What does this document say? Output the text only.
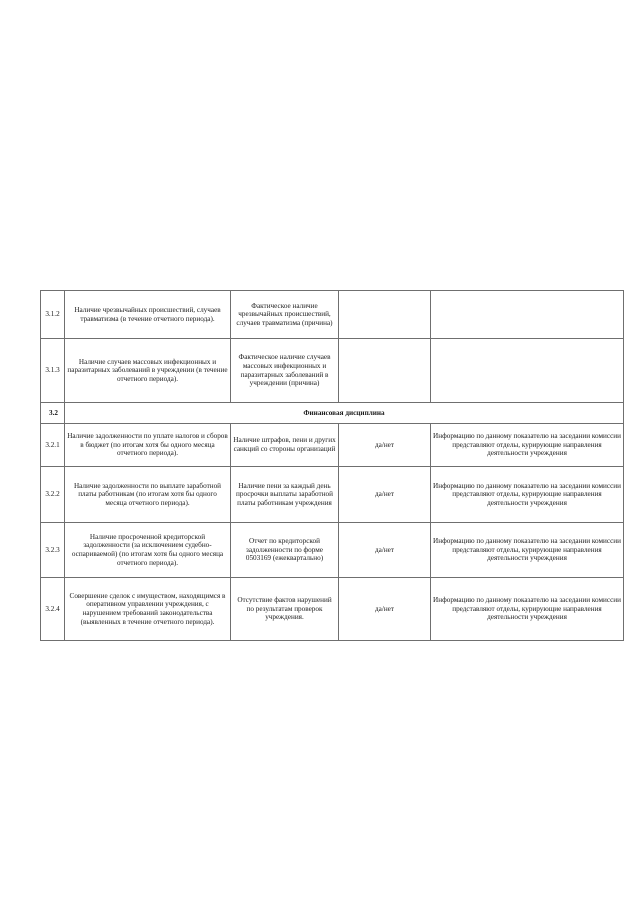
3.1.2	Наличие чрезвычайных происшествий, случаев травматизма (в течение отчетного периода).	Фактическое наличие чрезвычайных происшествий, случаев травматизма (причина)		
3.1.3	Наличие случаев массовых инфекционных и паразитарных заболеваний в учреждении (в течение отчетного периода).	Фактическое наличие случаев массовых инфекционных и паразитарных заболеваний в учреждении (причина)		
3.2	Финансовая дисциплина			
3.2.1	Наличие задолженности по уплате налогов и сборов в бюджет (по итогам хотя бы одного месяца отчетного периода).	Наличие штрафов, пени и других санкций со стороны организаций	да/нет	Информацию по данному показателю на заседании комиссии представляют отделы, курирующие направления деятельности учреждения
3.2.2	Наличие задолженности по выплате заработной платы работникам (по итогам хотя бы одного месяца отчетного периода).	Наличие пени за каждый день просрочки выплаты заработной платы работникам учреждения	да/нет	Информацию по данному показателю на заседании комиссии представляют отделы, курирующие направления деятельности учреждения
3.2.3	Наличие просроченной кредиторской задолженности (за исключением судебно-оспариваемой) (по итогам хотя бы одного месяца отчетного периода).	Отчет по кредиторской задолженности по форме 0503169 (ежеквартально)	да/нет	Информацию по данному показателю на заседании комиссии представляют отделы, курирующие направления деятельности учреждения
3.2.4	Совершение сделок с имуществом, находящимся в оперативном управлении учреждения, с нарушением требований законодательства (выявленных в течение отчетного периода).	Отсутствие фактов нарушений по результатам проверок учреждения.	да/нет	Информацию по данному показателю на заседании комиссии представляют отделы, курирующие направления деятельности учреждения
